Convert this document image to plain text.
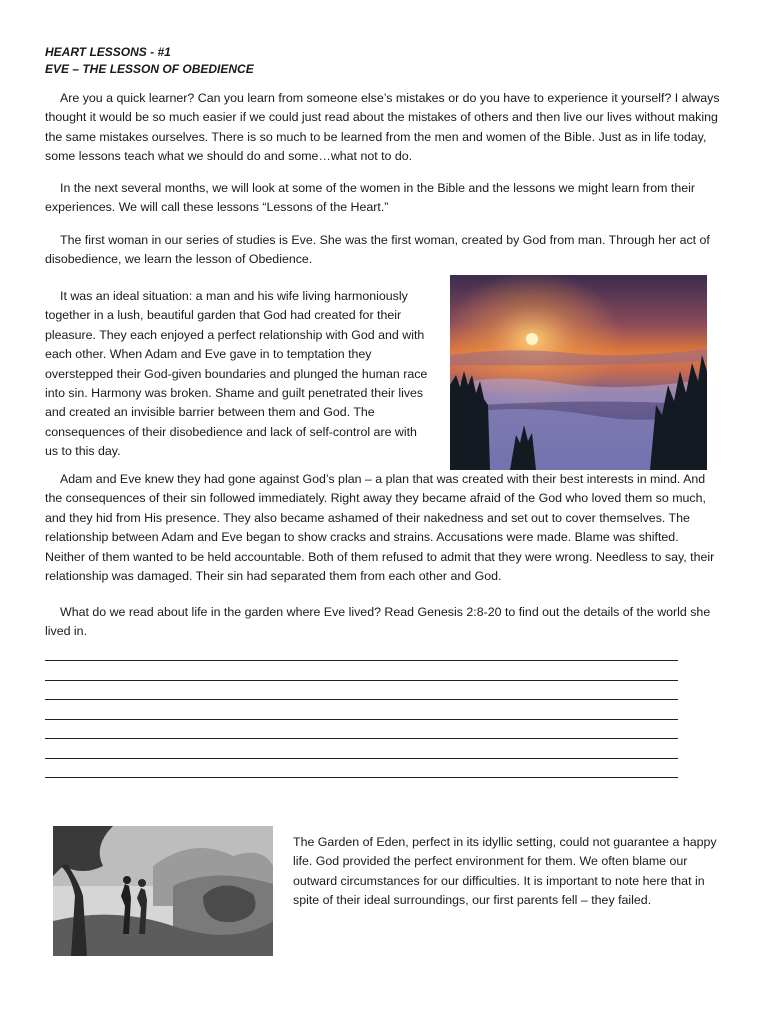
HEART LESSONS - #1
EVE – THE LESSON OF OBEDIENCE

Are you a quick learner? Can you learn from someone else’s mistakes or do you have to experience it yourself? I always thought it would be so much easier if we could just read about the mistakes of others and then live our lives without making the same mistakes ourselves. There is so much to be learned from the men and women of the Bible. Just as in life today, some lessons teach what we should do and some…what not to do.

In the next several months, we will look at some of the women in the Bible and the lessons we might learn from their experiences. We will call these lessons “Lessons of the Heart.”

The first woman in our series of studies is Eve. She was the first woman, created by God from man. Through her act of disobedience, we learn the lesson of Obedience.

It was an ideal situation: a man and his wife living harmoniously together in a lush, beautiful garden that God had created for their pleasure. They each enjoyed a perfect relationship with God and with each other. When Adam and Eve gave in to temptation they overstepped their God-given boundaries and plunged the human race into sin. Harmony was broken. Shame and guilt penetrated their lives and created an invisible barrier between them and God. The consequences of their disobedience and lack of self-control are with us to this day.

Adam and Eve knew they had gone against God’s plan – a plan that was created with their best interests in mind. And the consequences of their sin followed immediately. Right away they became afraid of the God who loved them so much, and they hid from His presence. They also became ashamed of their nakedness and set out to cover themselves. The relationship between Adam and Eve began to show cracks and strains. Accusations were made. Blame was shifted. Neither of them wanted to be held accountable. Both of them refused to admit that they were wrong. Needless to say, their relationship was damaged. Their sin had separated them from each other and God.

What do we read about life in the garden where Eve lived? Read Genesis 2:8-20 to find out the details of the world she lived in.

The Garden of Eden, perfect in its idyllic setting, could not guarantee a happy life. God provided the perfect environment for them. We often blame our outward circumstances for our difficulties. It is important to note here that in spite of their ideal surroundings, our first parents fell – they failed.
